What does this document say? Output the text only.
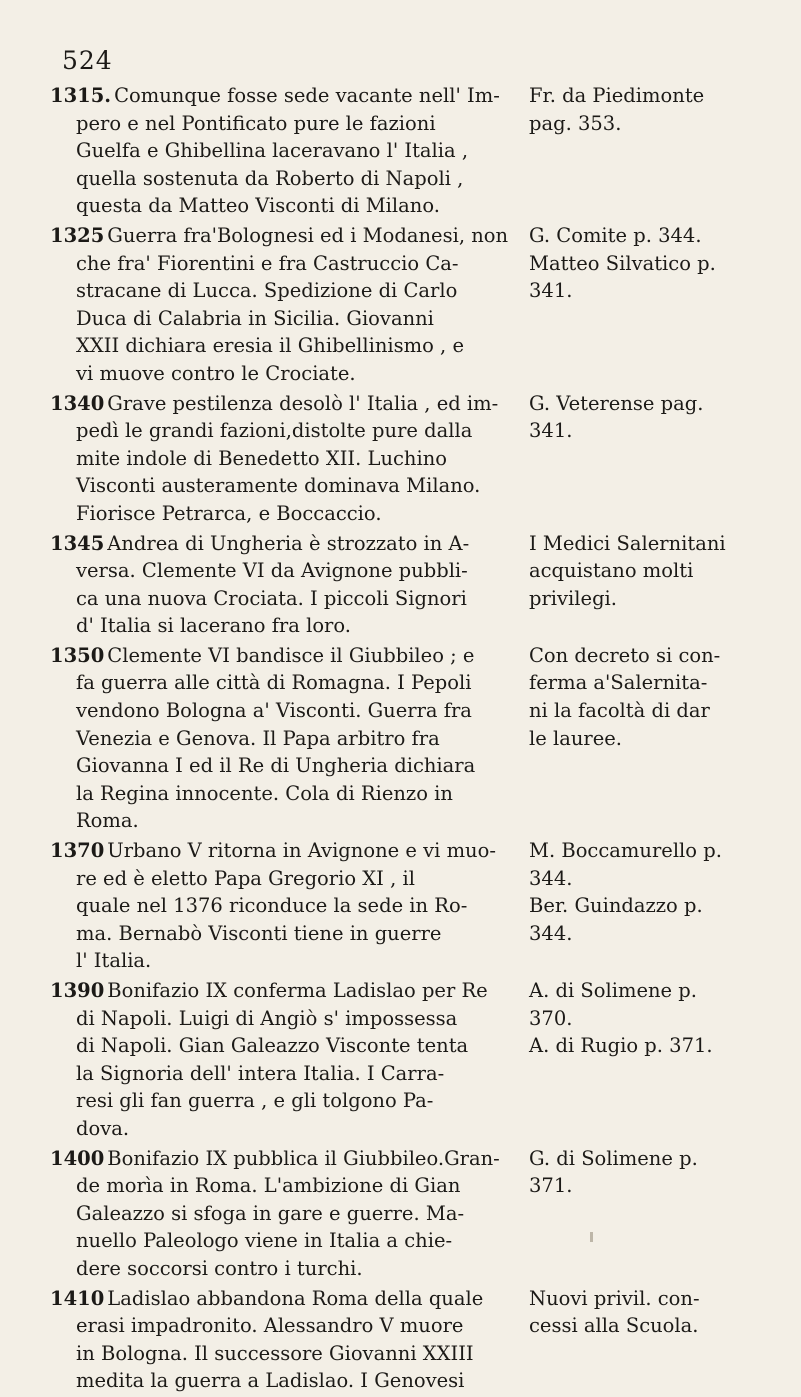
524
1315. Comunque fosse sede vacante nell' Im-	Fr. da Piedimonte
pero e nel Pontificato pure le fazioni	pag. 353.
Guelfa e Ghibellina laceravano l' Italia ,
quella sostenuta da Roberto di Napoli ,
questa da Matteo Visconti di Milano.
1325 Guerra fra'Bolognesi ed i Modanesi, non	G. Comite p. 344.
che fra' Fiorentini e fra Castruccio Ca-	Matteo Silvatico p.
stracane di Lucca. Spedizione di Carlo	341.
Duca di Calabria in Sicilia. Giovanni
XXII dichiara eresia il Ghibellinismo , e
vi muove contro le Crociate.
1340 Grave pestilenza desolò l' Italia , ed im-	G. Veterense pag.
pedì le grandi fazioni,distolte pure dalla	341.
mite indole di Benedetto XII. Luchino
Visconti austeramente dominava Milano.
Fiorisce Petrarca, e Boccaccio.
1345 Andrea di Ungheria è strozzato in A-	I Medici Salernitani
versa. Clemente VI da Avignone pubbli-	acquistano molti
ca una nuova Crociata. I piccoli Signori	privilegi.
d' Italia si lacerano fra loro.
1350 Clemente VI bandisce il Giubbileo ; e	Con decreto si con-
fa guerra alle città di Romagna. I Pepoli	ferma a'Salernita-
vendono Bologna a' Visconti. Guerra fra	ni la facoltà di dar
Venezia e Genova. Il Papa arbitro fra	le lauree.
Giovanna I ed il Re di Ungheria dichiara
la Regina innocente. Cola di Rienzo in
Roma.
1370 Urbano V ritorna in Avignone e vi muo-	M. Boccamurello p.
re ed è eletto Papa Gregorio XI , il	344.
quale nel 1376 riconduce la sede in Ro-	Ber. Guindazzo p.
ma. Bernabò Visconti tiene in guerre	344.
l' Italia.
1390 Bonifazio IX conferma Ladislao per Re	A. di Solimene p.
di Napoli. Luigi di Angiò s' impossessa	370.
di Napoli. Gian Galeazzo Visconte tenta	A. di Rugio p. 371.
la Signoria dell' intera Italia. I Carra-
resi gli fan guerra , e gli tolgono Pa-
dova.
1400 Bonifazio IX pubblica il Giubbileo.Gran-	G. di Solimene p.
de morìa in Roma. L'ambizione di Gian	371.
Galeazzo si sfoga in gare e guerre. Ma-
nuello Paleologo viene in Italia a chie-
dere soccorsi contro i turchi.
1410 Ladislao abbandona Roma della quale	Nuovi privil. con-
erasi impadronito. Alessandro V muore	cessi alla Scuola.
in Bologna. Il successore Giovanni XXIII
medita la guerra a Ladislao. I Genovesi
